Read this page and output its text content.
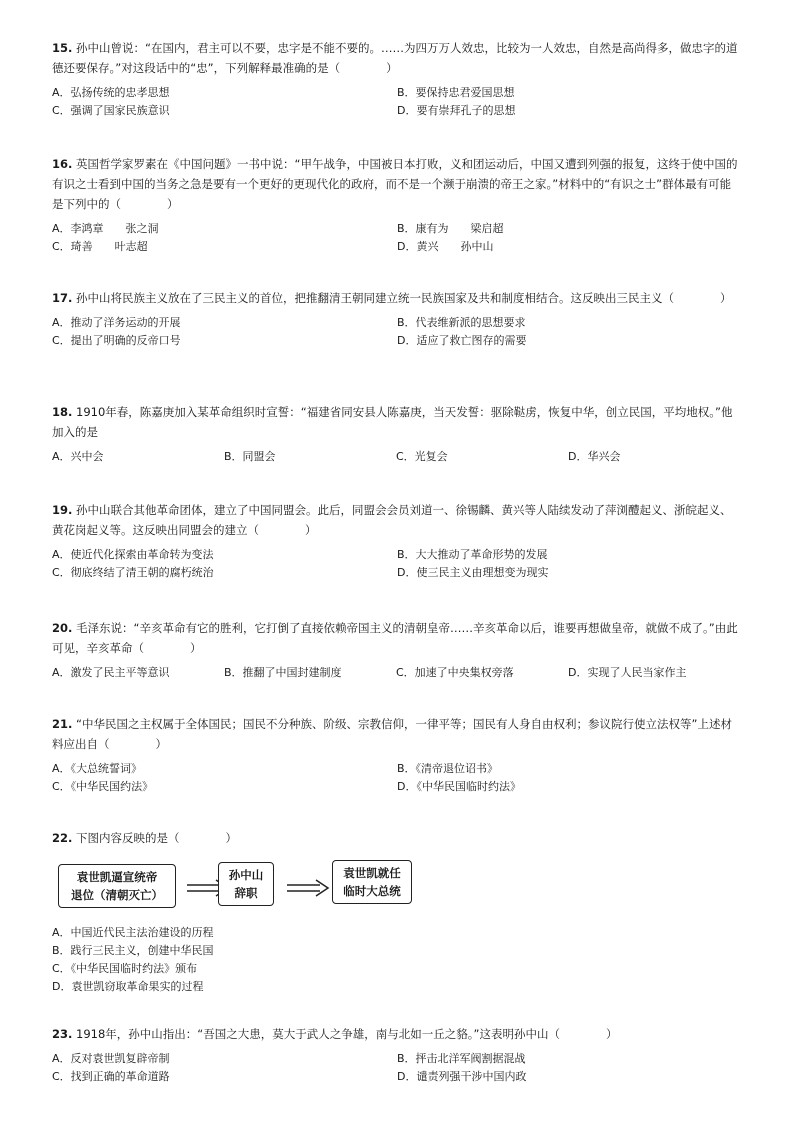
15. 孙中山曾说：“在国内，君主可以不要，忠字是不能不要的。……为四万万人效忠，比较为一人效忠，自然是高尚得多，做忠字的道德还要保存。”对这段话中的“忠”，下列解释最准确的是（　　　　）

A．弘扬传统的忠孝思想	B．要保持忠君爱国思想
C．强调了国家民族意识	D．要有崇拜孔子的思想

16. 英国哲学家罗素在《中国问题》一书中说：“甲午战争，中国被日本打败，义和团运动后，中国又遭到列强的报复，这终于使中国的有识之士看到中国的当务之急是要有一个更好的更现代化的政府，而不是一个濒于崩溃的帝王之家。”材料中的“有识之士”群体最有可能是下列中的（　　　　）

A．李鸿章　　张之洞	B．康有为　　梁启超
C．琦善　　叶志超	D．黄兴　　孙中山

17. 孙中山将民族主义放在了三民主义的首位，把推翻清王朝同建立统一民族国家及共和制度相结合。这反映出三民主义（　　　　）

A．推动了洋务运动的开展	B．代表维新派的思想要求
C．提出了明确的反帝口号	D．适应了救亡图存的需要

18. 1910年春，陈嘉庚加入某革命组织时宣誓：“福建省同安县人陈嘉庚，当天发誓：驱除鞑虏，恢复中华，创立民国，平均地权。”他加入的是

A．兴中会	B．同盟会	C．光复会	D．华兴会

19. 孙中山联合其他革命团体，建立了中国同盟会。此后，同盟会会员刘道一、徐锡麟、黄兴等人陆续发动了萍浏醴起义、浙皖起义、黄花岗起义等。这反映出同盟会的建立（　　　　）

A．使近代化探索由革命转为变法	B．大大推动了革命形势的发展
C．彻底终结了清王朝的腐朽统治	D．使三民主义由理想变为现实

20. 毛泽东说：“辛亥革命有它的胜利，它打倒了直接依赖帝国主义的清朝皇帝……辛亥革命以后，谁要再想做皇帝，就做不成了。”由此可见，辛亥革命（　　　　）

A．激发了民主平等意识	B．推翻了中国封建制度	C．加速了中央集权旁落	D．实现了人民当家作主

21. “中华民国之主权属于全体国民；国民不分种族、阶级、宗教信仰，一律平等；国民有人身自由权利；参议院行使立法权等”上述材料应出自（　　　　）

A．《大总统誓词》	B．《清帝退位诏书》
C．《中华民国约法》	D．《中华民国临时约法》

22. 下图内容反映的是（　　　　）

袁世凯逼宣统帝
退位（清朝灭亡）
孙中山
辞职
袁世凯就任
临时大总统
A．中国近代民主法治建设的历程
B．践行三民主义，创建中华民国
C．《中华民国临时约法》颁布
D．袁世凯窃取革命果实的过程

23. 1918年，孙中山指出：“吾国之大患，莫大于武人之争雄，南与北如一丘之貉。”这表明孙中山（　　　　）

A．反对袁世凯复辟帝制	B．抨击北洋军阀割据混战
C．找到正确的革命道路	D．谴责列强干涉中国内政
